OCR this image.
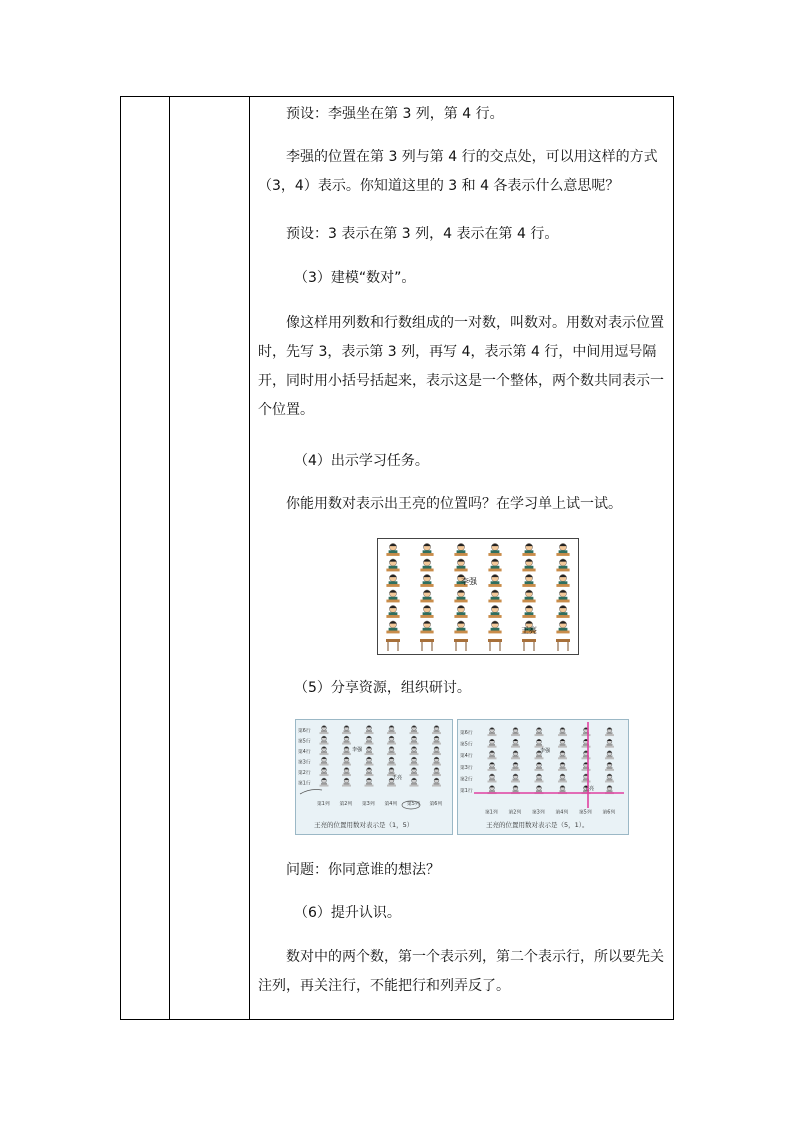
预设：李强坐在第 3 列，第 4 行。

李强的位置在第 3 列与第 4 行的交点处，可以用这样的方式（3，4）表示。你知道这里的 3 和 4 各表示什么意思呢？

预设：3 表示在第 3 列，4 表示在第 4 行。

（3）建模“数对”。

像这样用列数和行数组成的一对数，叫数对。用数对表示位置时，先写 3，表示第 3 列，再写 4，表示第 4 行，中间用逗号隔开，同时用小括号括起来，表示这是一个整体，两个数共同表示一个位置。

（4）出示学习任务。

你能用数对表示出王亮的位置吗？在学习单上试一试。

（5）分享资源，组织研讨。

问题：你同意谁的想法？

（6）提升认识。

数对中的两个数，第一个表示列，第二个表示行，所以要先关注列，再关注行，不能把行和列弄反了。

李强
王亮
第6行
第5行
第4行
第3行
第2行
第1行
第1列 第2列 第3列 第4列 第5列 第6列
李强
王亮
王亮的位置用数对表示是（1，5）
第6行
第5行
第4行
第3行
第2行
第1行
第1列 第2列 第3列 第4列 第5列 第6列
李强
王亮
王亮的位置用数对表示是（5，1）。
